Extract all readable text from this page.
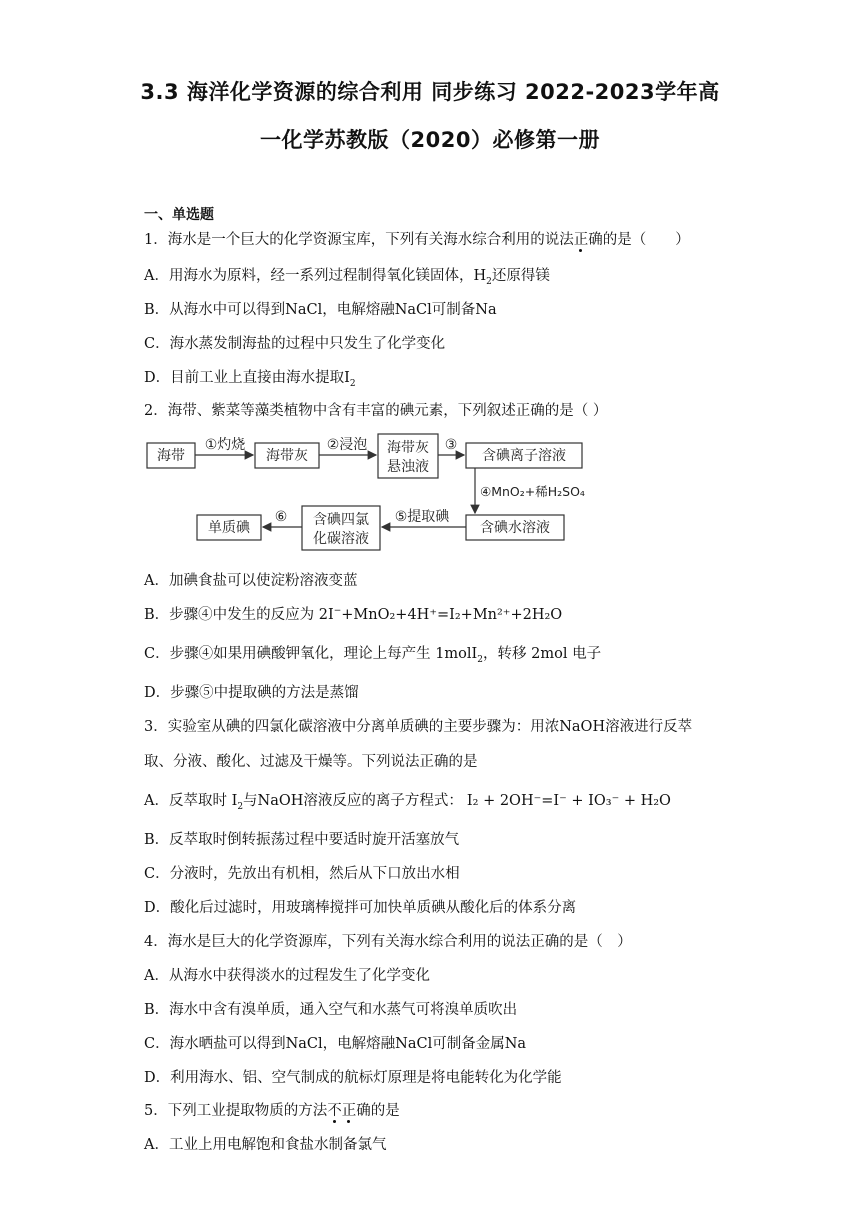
3.3 海洋化学资源的综合利用 同步练习 2022-2023学年高
一化学苏教版（2020）必修第一册
一、单选题
1．海水是一个巨大的化学资源宝库，下列有关海水综合利用的说法正确的是（　　）
A．用海水为原料，经一系列过程制得氧化镁固体，$H_2$还原得镁
B．从海水中可以得到NaCl，电解熔融NaCl可制备Na
C．海水蒸发制海盐的过程中只发生了化学变化
D．目前工业上直接由海水提取$I_2$
2．海带、紫菜等藻类植物中含有丰富的碘元素，下列叙述正确的是（ ）
海带	海带灰	海带灰
悬浊液
含碘离子溶液
含碘水溶液
含碘四氯
化碳溶液
单质碘
①灼烧	②浸泡	③
④MnO₂+稀H₂SO₄
⑤提取碘
⑥
A．加碘食盐可以使淀粉溶液变蓝
B．步骤④中发生的反应为 2I−+MnO₂+4H⁺=I₂+Mn²⁺+2H₂O
C．步骤④如果用碘酸钾氧化，理论上每产生 1molI$_2$，转移 2mol 电子
D．步骤⑤中提取碘的方法是蒸馏
3．实验室从碘的四氯化碳溶液中分离单质碘的主要步骤为：用浓NaOH溶液进行反萃
取、分液、酸化、过滤及干燥等。下列说法正确的是
A．反萃取时 $I_2$与NaOH溶液反应的离子方程式： I₂ + 2OH⁻=I⁻ + IO₃⁻ + H₂O
B．反萃取时倒转振荡过程中要适时旋开活塞放气
C．分液时，先放出有机相，然后从下口放出水相
D．酸化后过滤时，用玻璃棒搅拌可加快单质碘从酸化后的体系分离
4．海水是巨大的化学资源库，下列有关海水综合利用的说法正确的是（　）
A．从海水中获得淡水的过程发生了化学变化
B．海水中含有溴单质，通入空气和水蒸气可将溴单质吹出
C．海水晒盐可以得到NaCl，电解熔融NaCl可制备金属Na
D．利用海水、铝、空气制成的航标灯原理是将电能转化为化学能
5．下列工业提取物质的方法不正确的是
A．工业上用电解饱和食盐水制备氯气
